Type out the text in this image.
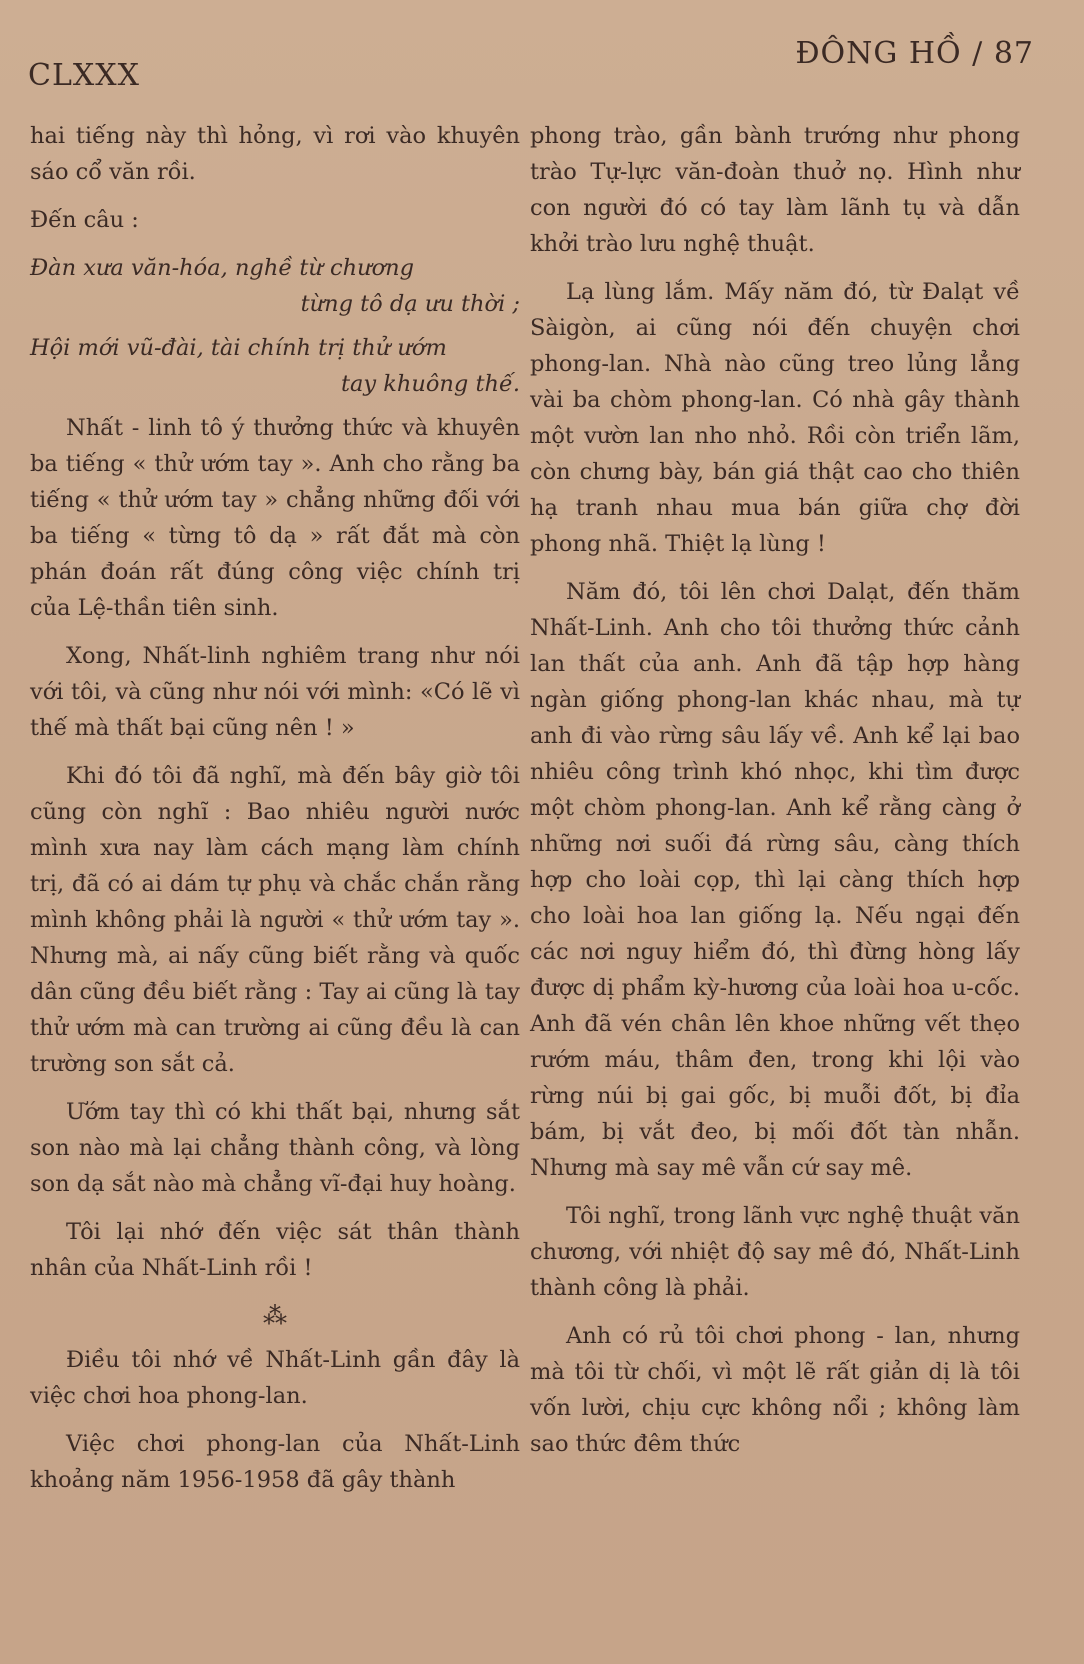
CLXXX
ĐÔNG HỒ / 87

hai tiếng này thì hỏng, vì rơi vào khuyên sáo cổ văn rồi.

Đến câu :

Đàn xưa văn-hóa, nghề từ chương
từng tô dạ ưu thời ;
Hội mới vũ-đài, tài chính trị thử ướm
tay khuông thế.

Nhất - linh tô ý thưởng thức và khuyên ba tiếng « thử ướm tay ». Anh cho rằng ba tiếng « thử ướm tay » chẳng những đối với ba tiếng « từng tô dạ » rất đắt mà còn phán đoán rất đúng công việc chính trị của Lệ-thần tiên sinh.

Xong, Nhất-linh nghiêm trang như nói với tôi, và cũng như nói với mình: «Có lẽ vì thế mà thất bại cũng nên ! »

Khi đó tôi đã nghĩ, mà đến bây giờ tôi cũng còn nghĩ : Bao nhiêu người nước mình xưa nay làm cách mạng làm chính trị, đã có ai dám tự phụ và chắc chắn rằng mình không phải là người « thử ướm tay ». Nhưng mà, ai nấy cũng biết rằng và quốc dân cũng đều biết rằng : Tay ai cũng là tay thử ướm mà can trường ai cũng đều là can trường son sắt cả.

Ướm tay thì có khi thất bại, nhưng sắt son nào mà lại chẳng thành công, và lòng son dạ sắt nào mà chẳng vĩ-đại huy hoàng.

Tôi lại nhớ đến việc sát thân thành nhân của Nhất-Linh rồi !

⁂

Điều tôi nhớ về Nhất-Linh gần đây là việc chơi hoa phong-lan.

Việc chơi phong-lan của Nhất-Linh khoảng năm 1956-1958 đã gây thành

phong trào, gần bành trướng như phong trào Tự-lực văn-đoàn thuở nọ. Hình như con người đó có tay làm lãnh tụ và dẫn khởi trào lưu nghệ thuật.

Lạ lùng lắm. Mấy năm đó, từ Đalạt về Sàigòn, ai cũng nói đến chuyện chơi phong-lan. Nhà nào cũng treo lủng lẳng vài ba chòm phong-lan. Có nhà gây thành một vườn lan nho nhỏ. Rồi còn triển lãm, còn chưng bày, bán giá thật cao cho thiên hạ tranh nhau mua bán giữa chợ đời phong nhã. Thiệt lạ lùng !

Năm đó, tôi lên chơi Dalạt, đến thăm Nhất-Linh. Anh cho tôi thưởng thức cảnh lan thất của anh. Anh đã tập hợp hàng ngàn giống phong-lan khác nhau, mà tự anh đi vào rừng sâu lấy về. Anh kể lại bao nhiêu công trình khó nhọc, khi tìm được một chòm phong-lan. Anh kể rằng càng ở những nơi suối đá rừng sâu, càng thích hợp cho loài cọp, thì lại càng thích hợp cho loài hoa lan giống lạ. Nếu ngại đến các nơi nguy hiểm đó, thì đừng hòng lấy được dị phẩm kỳ-hương của loài hoa u-cốc. Anh đã vén chân lên khoe những vết thẹo rướm máu, thâm đen, trong khi lội vào rừng núi bị gai gốc, bị muỗi đốt, bị đỉa bám, bị vắt đeo, bị mối đốt tàn nhẫn. Nhưng mà say mê vẫn cứ say mê.

Tôi nghĩ, trong lãnh vực nghệ thuật văn chương, với nhiệt độ say mê đó, Nhất-Linh thành công là phải.

Anh có rủ tôi chơi phong - lan, nhưng mà tôi từ chối, vì một lẽ rất giản dị là tôi vốn lười, chịu cực không nổi ; không làm sao thức đêm thức
